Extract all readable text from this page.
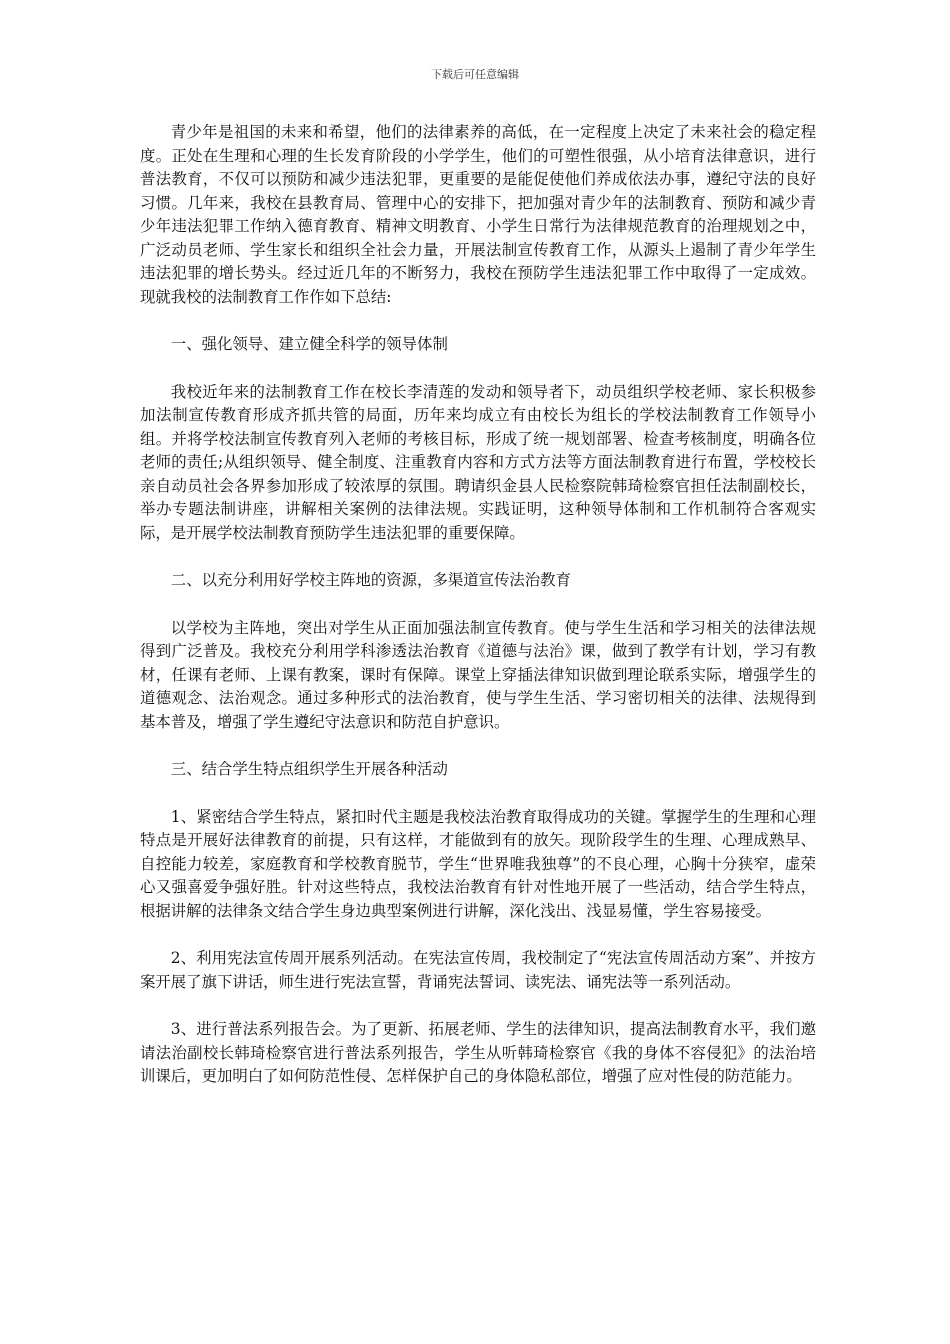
下载后可任意编辑

青少年是祖国的未来和希望，他们的法律素养的高低，在一定程度上决定了未来社会的稳定程度。正处在生理和心理的生长发育阶段的小学学生，他们的可塑性很强，从小培育法律意识，进行普法教育，不仅可以预防和减少违法犯罪，更重要的是能促使他们养成依法办事，遵纪守法的良好习惯。几年来，我校在县教育局、管理中心的安排下，把加强对青少年的法制教育、预防和减少青少年违法犯罪工作纳入德育教育、精神文明教育、小学生日常行为法律规范教育的治理规划之中，广泛动员老师、学生家长和组织全社会力量，开展法制宣传教育工作，从源头上遏制了青少年学生违法犯罪的增长势头。经过近几年的不断努力，我校在预防学生违法犯罪工作中取得了一定成效。现就我校的法制教育工作作如下总结:

一、强化领导、建立健全科学的领导体制

我校近年来的法制教育工作在校长李清莲的发动和领导者下，动员组织学校老师、家长积极参加法制宣传教育形成齐抓共管的局面，历年来均成立有由校长为组长的学校法制教育工作领导小组。并将学校法制宣传教育列入老师的考核目标，形成了统一规划部署、检查考核制度，明确各位老师的责任;从组织领导、健全制度、注重教育内容和方式方法等方面法制教育进行布置，学校校长亲自动员社会各界参加形成了较浓厚的氛围。聘请织金县人民检察院韩琦检察官担任法制副校长，举办专题法制讲座，讲解相关案例的法律法规。实践证明，这种领导体制和工作机制符合客观实际，是开展学校法制教育预防学生违法犯罪的重要保障。

二、以充分利用好学校主阵地的资源，多渠道宣传法治教育

以学校为主阵地，突出对学生从正面加强法制宣传教育。使与学生生活和学习相关的法律法规得到广泛普及。我校充分利用学科渗透法治教育《道德与法治》课，做到了教学有计划，学习有教材，任课有老师、上课有教案，课时有保障。课堂上穿插法律知识做到理论联系实际，增强学生的道德观念、法治观念。通过多种形式的法治教育，使与学生生活、学习密切相关的法律、法规得到基本普及，增强了学生遵纪守法意识和防范自护意识。

三、结合学生特点组织学生开展各种活动

1、紧密结合学生特点，紧扣时代主题是我校法治教育取得成功的关键。掌握学生的生理和心理特点是开展好法律教育的前提，只有这样，才能做到有的放矢。现阶段学生的生理、心理成熟早、自控能力较差，家庭教育和学校教育脱节，学生“世界唯我独尊”的不良心理，心胸十分狭窄，虚荣心又强喜爱争强好胜。针对这些特点，我校法治教育有针对性地开展了一些活动，结合学生特点，根据讲解的法律条文结合学生身边典型案例进行讲解，深化浅出、浅显易懂，学生容易接受。

2、利用宪法宣传周开展系列活动。在宪法宣传周，我校制定了“宪法宣传周活动方案”、并按方案开展了旗下讲话，师生进行宪法宣誓，背诵宪法誓词、读宪法、诵宪法等一系列活动。

3、进行普法系列报告会。为了更新、拓展老师、学生的法律知识，提高法制教育水平，我们邀请法治副校长韩琦检察官进行普法系列报告，学生从听韩琦检察官《我的身体不容侵犯》的法治培训课后，更加明白了如何防范性侵、怎样保护自己的身体隐私部位，增强了应对性侵的防范能力。
